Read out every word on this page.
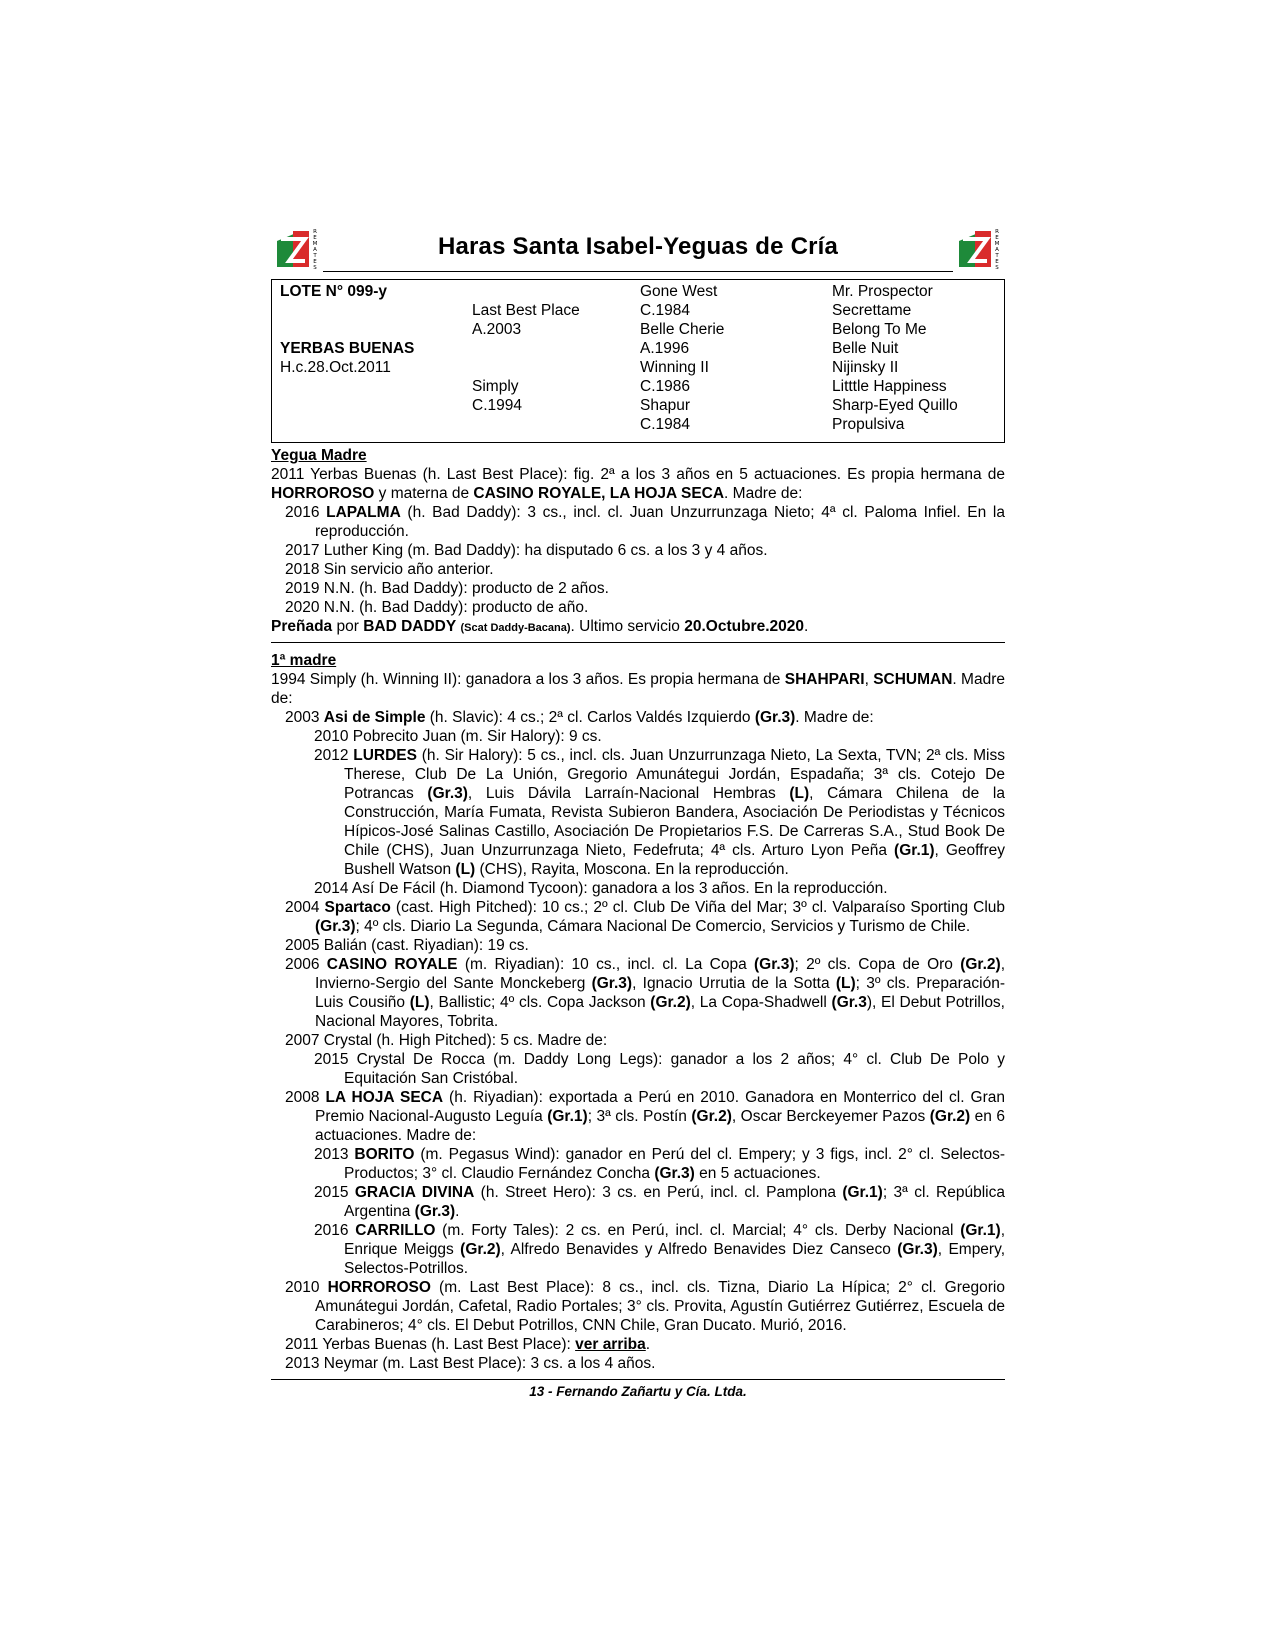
R
E
M
A
T
E
S
Haras Santa Isabel-Yeguas de Cría
R
E
M
A
T
E
S
LOTE N° 099-y
YERBAS BUENAS
H.c.28.Oct.2011
Last Best Place
A.2003
Simply
C.1994
Gone West
C.1984
Belle Cherie
A.1996
Winning II
C.1986
Shapur
C.1984
Mr. Prospector
Secrettame
Belong To Me
Belle Nuit
Nijinsky II
Litttle Happiness
Sharp-Eyed Quillo
Propulsiva

Yegua Madre

2011 Yerbas Buenas (h. Last Best Place): fig. 2ª a los 3 años en 5 actuaciones. Es propia hermana de HORROROSO y materna de CASINO ROYALE, LA HOJA SECA. Madre de:

2016 LAPALMA (h. Bad Daddy): 3 cs., incl. cl. Juan Unzurrunzaga Nieto; 4ª cl. Paloma Infiel. En la reproducción.

2017 Luther King (m. Bad Daddy): ha disputado 6 cs. a los 3 y 4 años.

2018 Sin servicio año anterior.

2019 N.N. (h. Bad Daddy): producto de 2 años.

2020 N.N. (h. Bad Daddy): producto de año.

Preñada por BAD DADDY (Scat Daddy-Bacana). Ultimo servicio 20.Octubre.2020.

1ª madre

1994 Simply (h. Winning II): ganadora a los 3 años. Es propia hermana de SHAHPARI, SCHUMAN. Madre de:

2003 Asi de Simple (h. Slavic): 4 cs.; 2ª cl. Carlos Valdés Izquierdo (Gr.3). Madre de:

2010 Pobrecito Juan (m. Sir Halory): 9 cs.

2012 LURDES (h. Sir Halory): 5 cs., incl. cls. Juan Unzurrunzaga Nieto, La Sexta, TVN; 2ª cls. Miss Therese, Club De La Unión, Gregorio Amunátegui Jordán, Espadaña; 3ª cls. Cotejo De Potrancas (Gr.3), Luis Dávila Larraín-Nacional Hembras (L), Cámara Chilena de la Construcción, María Fumata, Revista Subieron Bandera, Asociación De Periodistas y Técnicos Hípicos-José Salinas Castillo, Asociación De Propietarios F.S. De Carreras S.A., Stud Book De Chile (CHS), Juan Unzurrunzaga Nieto, Fedefruta; 4ª cls. Arturo Lyon Peña (Gr.1), Geoffrey Bushell Watson (L) (CHS), Rayita, Moscona. En la reproducción.

2014 Así De Fácil (h. Diamond Tycoon): ganadora a los 3 años. En la reproducción.

2004 Spartaco (cast. High Pitched): 10 cs.; 2º cl. Club De Viña del Mar; 3º cl. Valparaíso Sporting Club (Gr.3); 4º cls. Diario La Segunda, Cámara Nacional De Comercio, Servicios y Turismo de Chile.

2005 Balián (cast. Riyadian): 19 cs.

2006 CASINO ROYALE (m. Riyadian): 10 cs., incl. cl. La Copa (Gr.3); 2º cls. Copa de Oro (Gr.2), Invierno-Sergio del Sante Monckeberg (Gr.3), Ignacio Urrutia de la Sotta (L); 3º cls. Preparación-Luis Cousiño (L), Ballistic; 4º cls. Copa Jackson (Gr.2), La Copa-Shadwell (Gr.3), El Debut Potrillos, Nacional Mayores, Tobrita.

2007 Crystal (h. High Pitched): 5 cs. Madre de:

2015 Crystal De Rocca (m. Daddy Long Legs): ganador a los 2 años; 4° cl. Club De Polo y Equitación San Cristóbal.

2008 LA HOJA SECA (h. Riyadian): exportada a Perú en 2010. Ganadora en Monterrico del cl. Gran Premio Nacional-Augusto Leguía (Gr.1); 3ª cls. Postín (Gr.2), Oscar Berckeyemer Pazos (Gr.2) en 6 actuaciones. Madre de:

2013 BORITO (m. Pegasus Wind): ganador en Perú del cl. Empery; y 3 figs, incl. 2° cl. Selectos-Productos; 3° cl. Claudio Fernández Concha (Gr.3) en 5 actuaciones.

2015 GRACIA DIVINA (h. Street Hero): 3 cs. en Perú, incl. cl. Pamplona (Gr.1); 3ª cl. República Argentina (Gr.3).

2016 CARRILLO (m. Forty Tales): 2 cs. en Perú, incl. cl. Marcial; 4° cls. Derby Nacional (Gr.1), Enrique Meiggs (Gr.2), Alfredo Benavides y Alfredo Benavides Diez Canseco (Gr.3), Empery, Selectos-Potrillos.

2010 HORROROSO (m. Last Best Place): 8 cs., incl. cls. Tizna, Diario La Hípica; 2° cl. Gregorio Amunátegui Jordán, Cafetal, Radio Portales; 3° cls. Provita, Agustín Gutiérrez Gutiérrez, Escuela de Carabineros; 4° cls. El Debut Potrillos, CNN Chile, Gran Ducato. Murió, 2016.

2011 Yerbas Buenas (h. Last Best Place): ver arriba.

2013 Neymar (m. Last Best Place): 3 cs. a los 4 años.

13 - Fernando Zañartu y Cía. Ltda.
